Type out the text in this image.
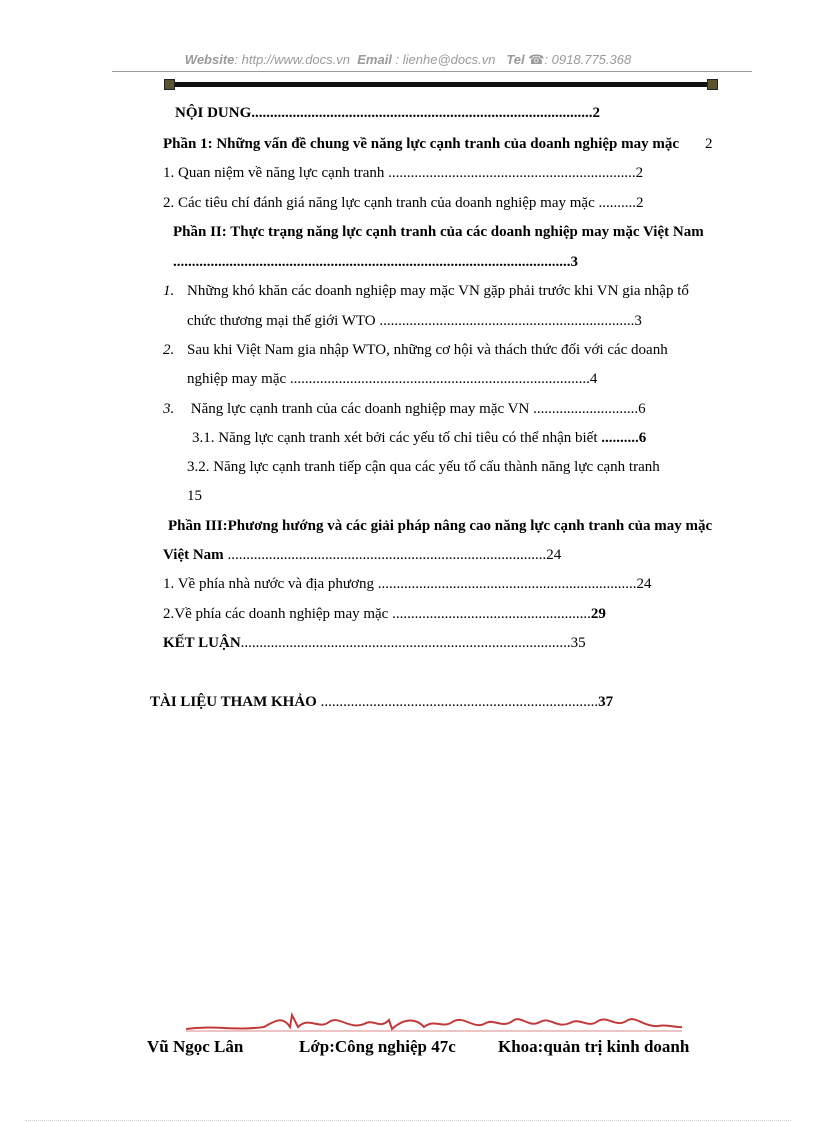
Website: http://www.docs.vn Email : lienhe@docs.vn Tel ☎: 0918.775.368
NỘI DUNG...........................................................................................2
Phần 1: Những vấn đề chung về năng lực cạnh tranh của doanh nghiệp may mặc 2
1. Quan niệm về năng lực cạnh tranh ..................................................................2
2. Các tiêu chí đánh giá năng lực cạnh tranh của doanh nghiệp may mặc ..........2
Phần II: Thực trạng năng lực cạnh tranh của các doanh nghiệp may mặc Việt Nam
..........................................................................................................3
1. Những khó khăn các doanh nghiệp may mặc VN gặp phải trước khi VN gia nhập tổ
chức thương mại thế giới WTO ....................................................................3
2. Sau khi Việt Nam gia nhập WTO, những cơ hội và thách thức đối với các doanh
nghiệp may mặc ................................................................................4
3. Năng lực cạnh tranh của các doanh nghiệp may mặc VN ............................6
3.1. Năng lực cạnh tranh xét bởi các yếu tố chỉ tiêu có thể nhận biết ..........6
3.2. Năng lực cạnh tranh tiếp cận qua các yếu tố cấu thành năng lực cạnh tranh
15
Phần III:Phương hướng và các giải pháp nâng cao năng lực cạnh tranh của may mặc
Việt Nam .....................................................................................24
1. Về phía nhà nước và địa phương .....................................................................24
2.Về phía các doanh nghiệp may mặc .....................................................29
KẾT LUẬN........................................................................................35
TÀI LIỆU THAM KHẢO ..........................................................................37
Vũ Ngọc Lân	Lớp:Công nghiệp 47c Khoa:quản trị kinh doanh
